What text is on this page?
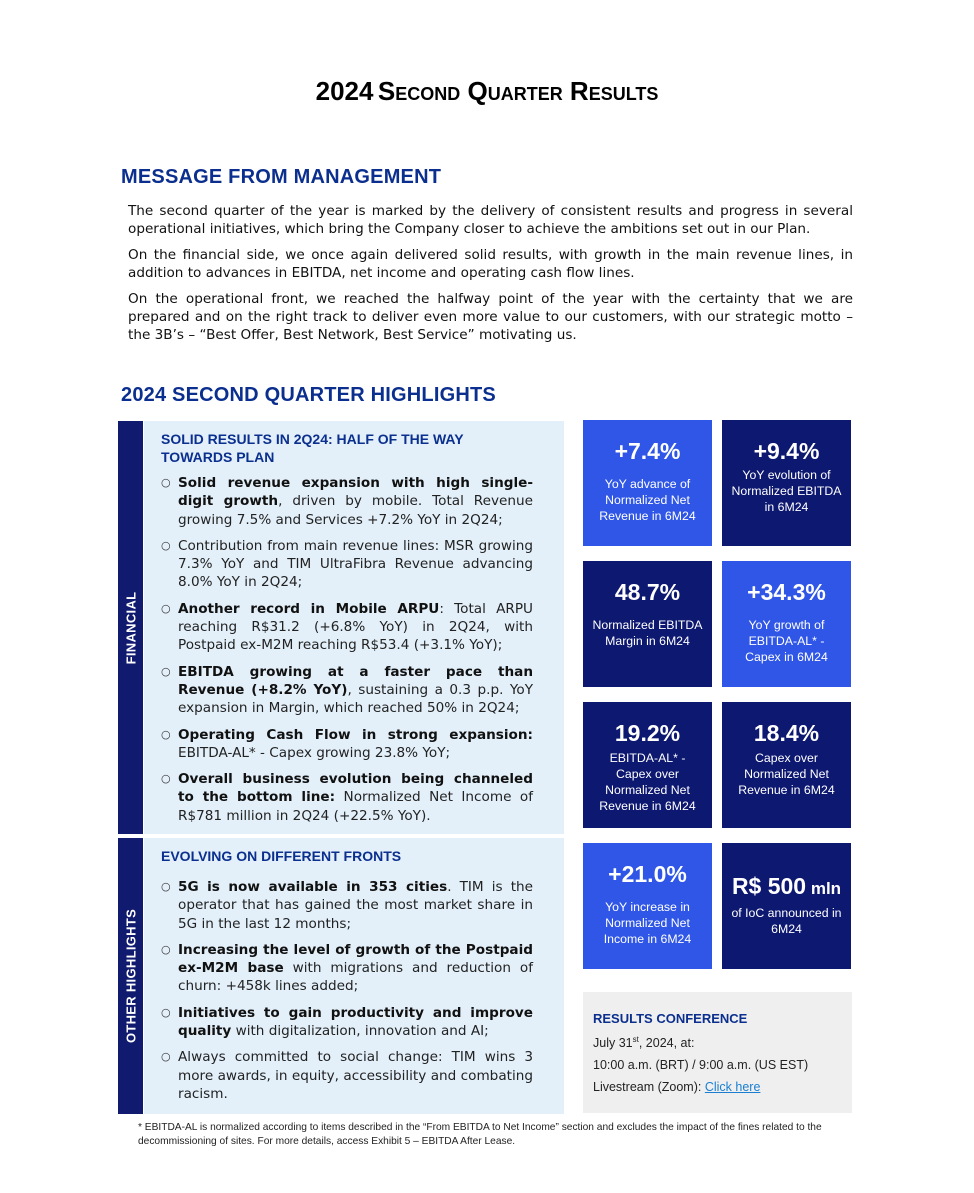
2024 Second Quarter Results
MESSAGE FROM MANAGEMENT

The second quarter of the year is marked by the delivery of consistent results and progress in several operational initiatives, which bring the Company closer to achieve the ambitions set out in our Plan.

On the financial side, we once again delivered solid results, with growth in the main revenue lines, in addition to advances in EBITDA, net income and operating cash flow lines.

On the operational front, we reached the halfway point of the year with the certainty that we are prepared and on the right track to deliver even more value to our customers, with our strategic motto – the 3B’s – “Best Offer, Best Network, Best Service” motivating us.

2024 SECOND QUARTER HIGHLIGHTS
FINANCIAL
SOLID RESULTS IN 2Q24: HALF OF THE WAY TOWARDS PLAN
○ Solid revenue expansion with high single-digit growth, driven by mobile. Total Revenue growing 7.5% and Services +7.2% YoY in 2Q24;
○ Contribution from main revenue lines: MSR growing 7.3% YoY and TIM UltraFibra Revenue advancing 8.0% YoY in 2Q24;
○ Another record in Mobile ARPU: Total ARPU reaching R$31.2 (+6.8% YoY) in 2Q24, with Postpaid ex-M2M reaching R$53.4 (+3.1% YoY);
○ EBITDA growing at a faster pace than Revenue (+8.2% YoY), sustaining a 0.3 p.p. YoY expansion in Margin, which reached 50% in 2Q24;
○ Operating Cash Flow in strong expansion: EBITDA-AL* - Capex growing 23.8% YoY;
○ Overall business evolution being channeled to the bottom line: Normalized Net Income of R$781 million in 2Q24 (+22.5% YoY).
OTHER HIGHLIGHTS
EVOLVING ON DIFFERENT FRONTS
○ 5G is now available in 353 cities. TIM is the operator that has gained the most market share in 5G in the last 12 months;
○ Increasing the level of growth of the Postpaid ex-M2M base with migrations and reduction of churn: +458k lines added;
○ Initiatives to gain productivity and improve quality with digitalization, innovation and AI;
○ Always committed to social change: TIM wins 3 more awards, in equity, accessibility and combating racism.
+7.4%
YoY advance of Normalized Net Revenue in 6M24
+9.4%
YoY evolution of Normalized EBITDA in 6M24
48.7%
Normalized EBITDA Margin in 6M24
+34.3%
YoY growth of EBITDA-AL* - Capex in 6M24
19.2%
EBITDA-AL* - Capex over Normalized Net Revenue in 6M24
18.4%
Capex over Normalized Net Revenue in 6M24
+21.0%
YoY increase in Normalized Net Income in 6M24
R$ 500 mln
of IoC announced in 6M24
RESULTS CONFERENCE
July 31st, 2024, at:
10:00 a.m. (BRT) / 9:00 a.m. (US EST)
Livestream (Zoom): Click here
* EBITDA-AL is normalized according to items described in the “From EBITDA to Net Income” section and excludes the impact of the fines related to the decommissioning of sites. For more details, access Exhibit 5 – EBITDA After Lease.
